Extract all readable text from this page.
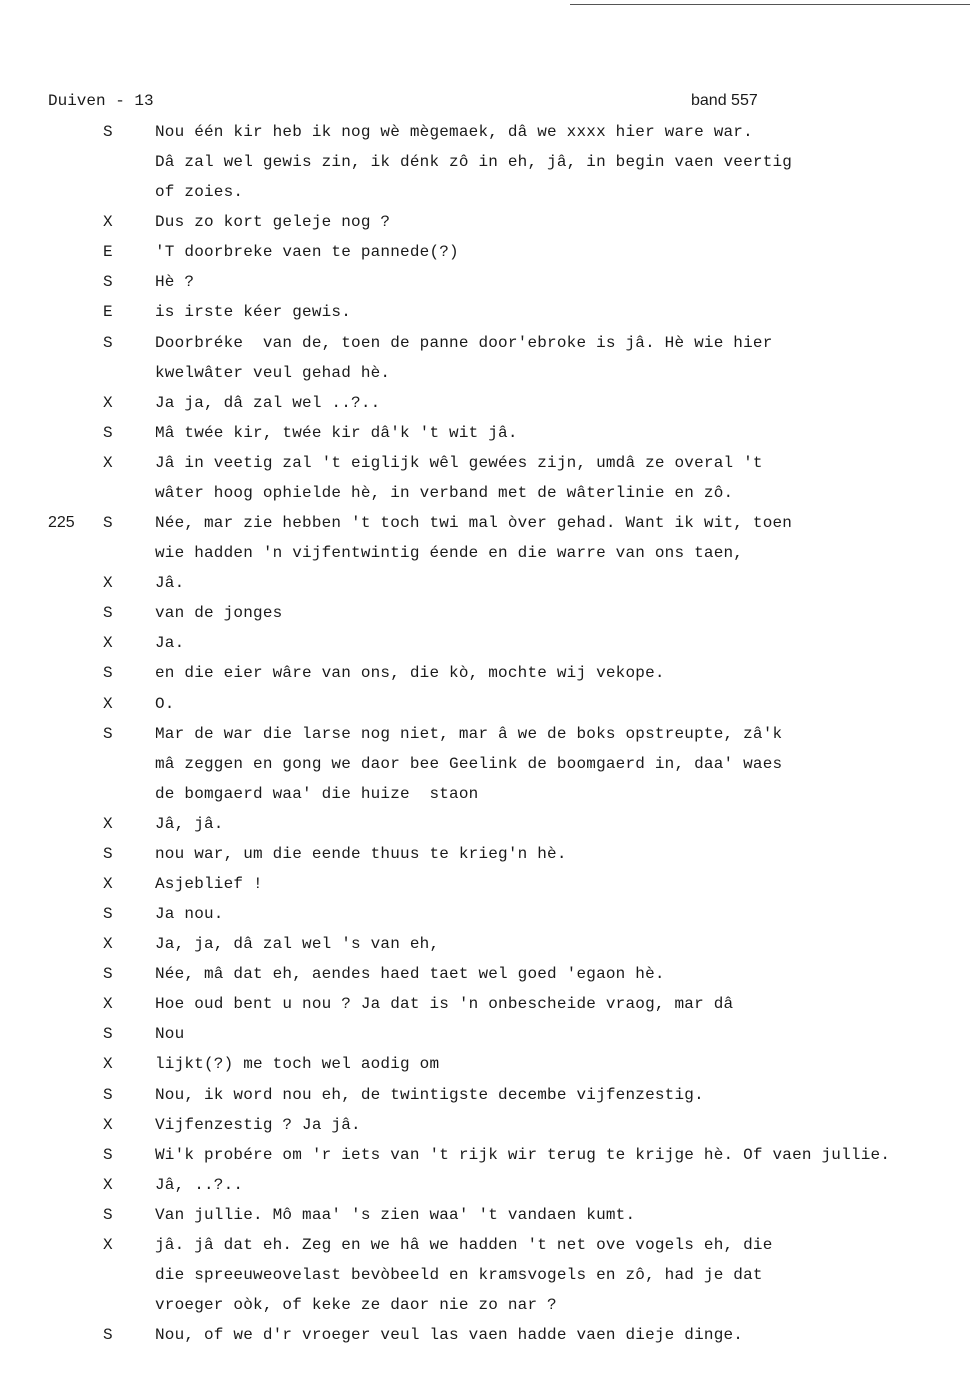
Duiven - 13	band 557
S	Nou één kir heb ik nog wè mègemaek, dâ we xxxx hier ware war.
Dâ zal wel gewis zin, ik dénk zô in eh, jâ, in begin vaen veertig
of zoies.
X	Dus zo kort geleje nog ?
E	'T doorbreke vaen te pannede(?)
S	Hè ?
E	is irste kéer gewis.
S	Doorbréke  van de, toen de panne door'ebroke is jâ. Hè wie hier
kwelwâter veul gehad hè.
X	Ja ja, dâ zal wel ..?..
S	Mâ twée kir, twée kir dâ'k 't wit jâ.
X	Jâ in veetig zal 't eiglijk wêl gewées zijn, umdâ ze overal 't
wâter hoog ophielde hè, in verband met de wâterlinie en zô.
225 S	Née, mar zie hebben 't toch twi mal òver gehad. Want ik wit, toen
wie hadden 'n vijfentwintig éende en die warre van ons taen,
X	Jâ.
S	van de jonges
X	Ja.
S	en die eier wâre van ons, die kò, mochte wij vekope.
X	O.
S	Mar de war die larse nog niet, mar â we de boks opstreupte, zâ'k
mâ zeggen en gong we daor bee Geelink de boomgaerd in, daa' waes
de bomgaerd waa' die huize  staon
X	Jâ, jâ.
S	nou war, um die eende thuus te krieg'n hè.
X	Asjeblief !
S	Ja nou.
X	Ja, ja, dâ zal wel 's van eh,
S	Née, mâ dat eh, aendes haed taet wel goed 'egaon hè.
X	Hoe oud bent u nou ? Ja dat is 'n onbescheide vraog, mar dâ
S	Nou
X	lijkt(?) me toch wel aodig om
S	Nou, ik word nou eh, de twintigste decembe vijfenzestig.
X	Vijfenzestig ? Ja jâ.
S	Wi'k probére om 'r iets van 't rijk wir terug te krijge hè. Of vaen jullie.
X	Jâ, ..?..
S	Van jullie. Mô maa' 's zien waa' 't vandaen kumt.
X	jâ. jâ dat eh. Zeg en we hâ we hadden 't net ove vogels eh, die
die spreeuweovelast bevòbeeld en kramsvogels en zô, had je dat
vroeger oòk, of keke ze daor nie zo nar ?
S	Nou, of we d'r vroeger veul las vaen hadde vaen dieje dinge.
